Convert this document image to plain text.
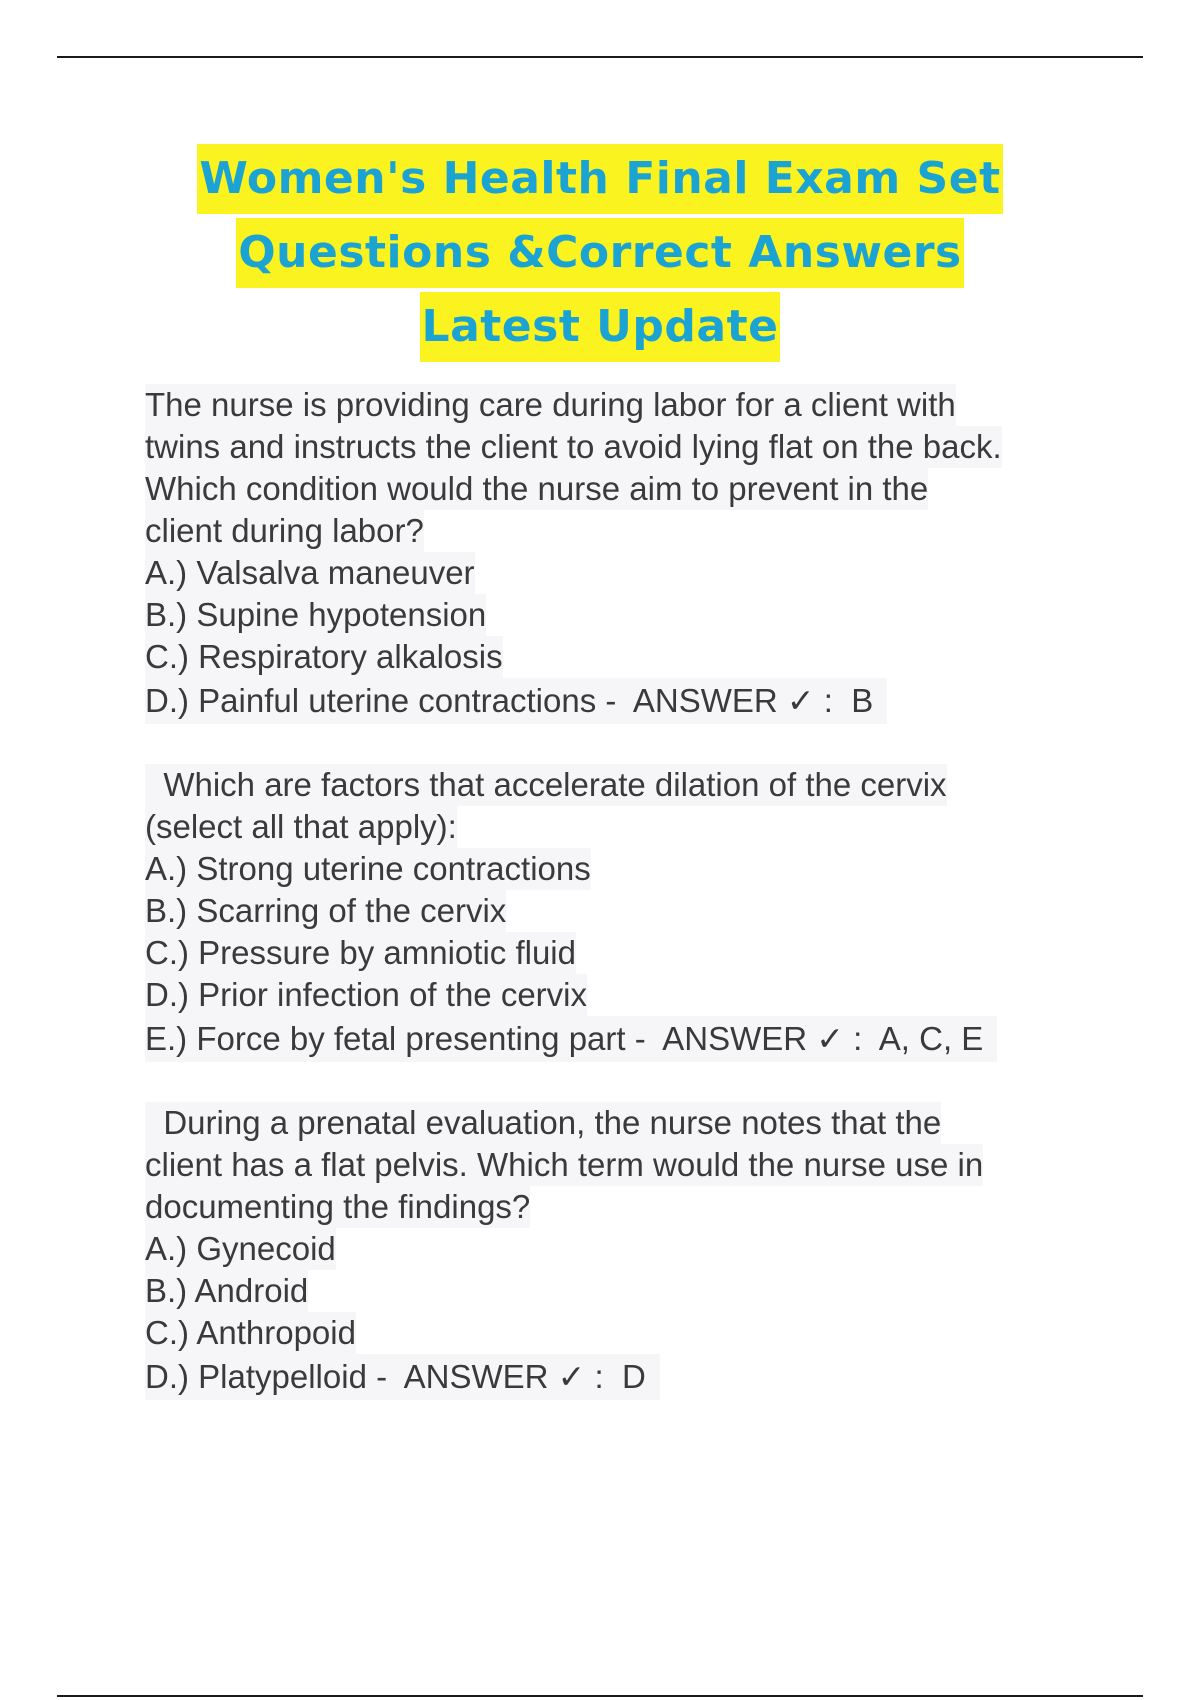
Women's Health Final Exam Set
Questions &Correct Answers
Latest Update
The nurse is providing care during labor for a client with
twins and instructs the client to avoid lying flat on the back.
Which condition would the nurse aim to prevent in the
client during labor?
A.) Valsalva maneuver
B.) Supine hypotension
C.) Respiratory alkalosis
D.) Painful uterine contractions -  ANSWER ✓ :  B
Which are factors that accelerate dilation of the cervix
(select all that apply):
A.) Strong uterine contractions
B.) Scarring of the cervix
C.) Pressure by amniotic fluid
D.) Prior infection of the cervix
E.) Force by fetal presenting part -  ANSWER ✓ :  A, C, E
During a prenatal evaluation, the nurse notes that the
client has a flat pelvis. Which term would the nurse use in
documenting the findings?
A.) Gynecoid
B.) Android
C.) Anthropoid
D.) Platypelloid -  ANSWER ✓ :  D
